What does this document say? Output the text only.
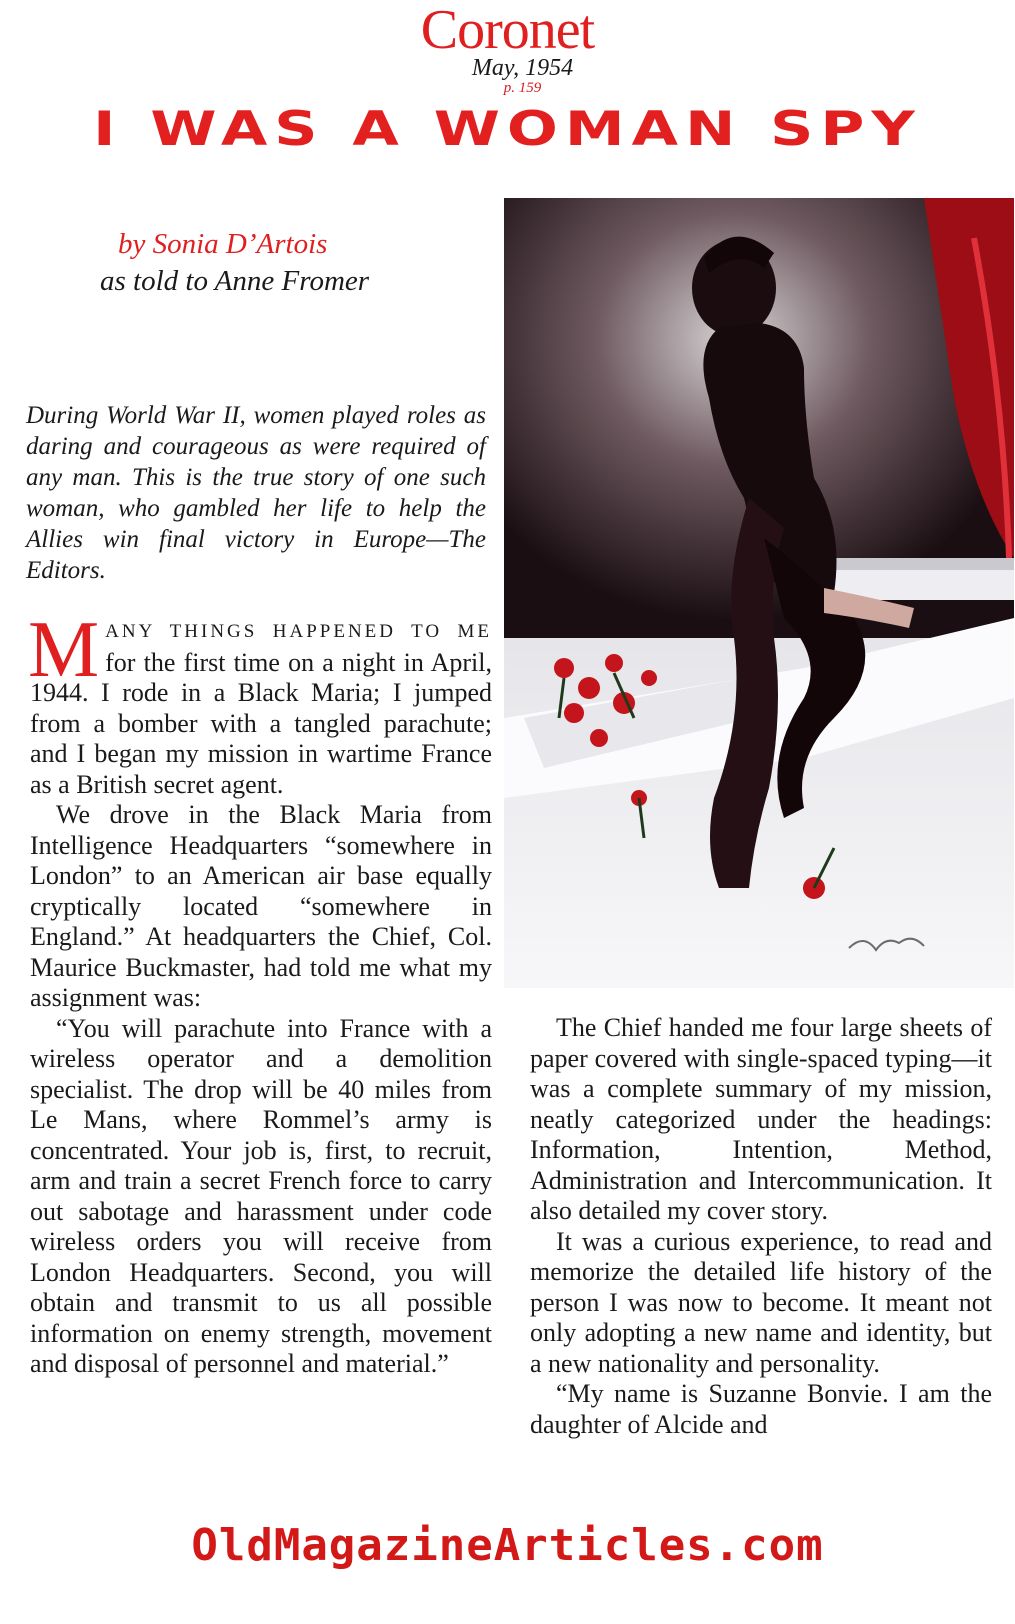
Coronet
May, 1954
p. 159
I WAS A WOMAN SPY
by Sonia D’Artois
as told to Anne Fromer
During World War II, women played roles as daring and courageous as were required of any man. This is the true story of one such woman, who gambled her life to help the Allies win final victory in Europe—The Editors.

MANY THINGS HAPPENED TO ME for the first time on a night in April, 1944. I rode in a Black Maria; I jumped from a bomber with a tangled parachute; and I began my mission in wartime France as a British secret agent.

We drove in the Black Maria from Intelligence Headquarters “somewhere in London” to an American air base equally cryptically located “somewhere in England.” At headquarters the Chief, Col. Maurice Buckmaster, had told me what my assignment was:

“You will parachute into France with a wireless operator and a demolition specialist. The drop will be 40 miles from Le Mans, where Rommel’s army is concentrated. Your job is, first, to recruit, arm and train a secret French force to carry out sabotage and harassment under code wireless orders you will receive from London Headquarters. Second, you will obtain and transmit to us all possible information on enemy strength, movement and disposal of personnel and material.”

The Chief handed me four large sheets of paper covered with single-spaced typing—it was a complete summary of my mission, neatly categorized under the headings: Information, Intention, Method, Administration and Intercommunication. It also detailed my cover story.

It was a curious experience, to read and memorize the detailed life history of the person I was now to become. It meant not only adopting a new name and identity, but a new nationality and personality.

“My name is Suzanne Bonvie. I am the daughter of Alcide and

OldMagazineArticles.com
